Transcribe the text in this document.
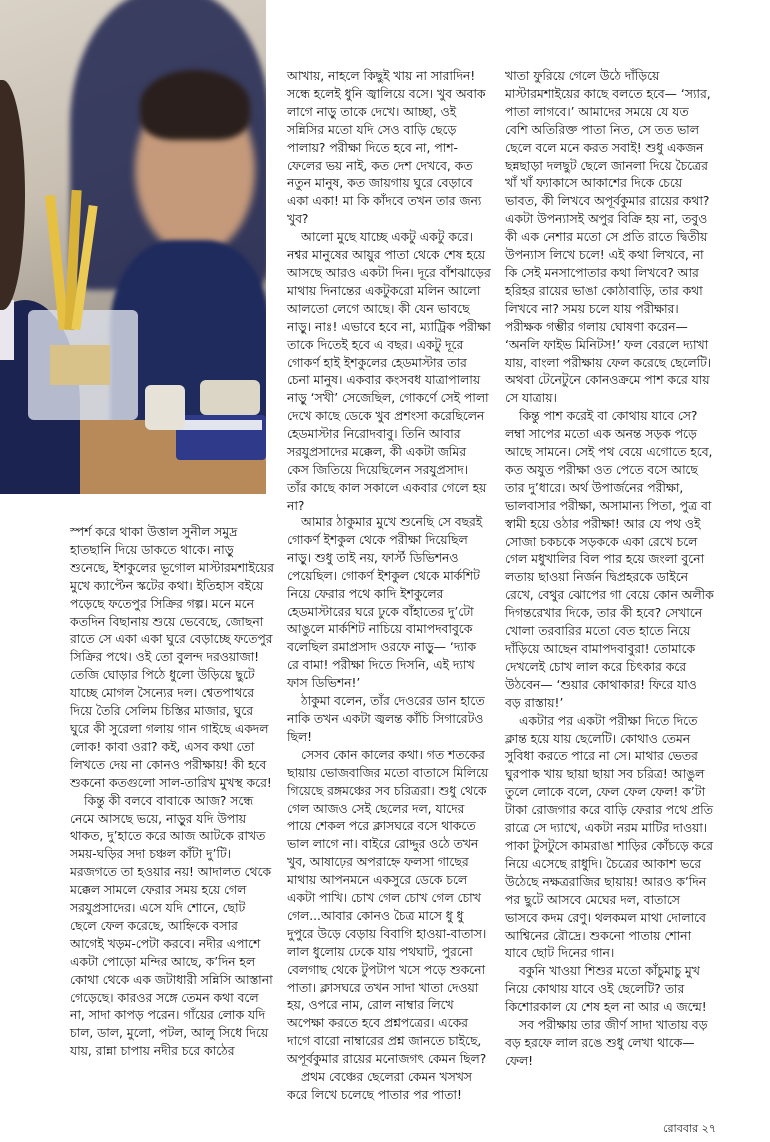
আখায়, নাহলে কিছুই খায় না সারাদিন! সন্ধে হলেই ধুনি জ্বালিয়ে বসে। খুব অবাক লাগে নাড়ু তাকে দেখে। আচ্ছা, ওই সন্নিসির মতো যদি সেও বাড়ি ছেড়ে পালায়? পরীক্ষা দিতে হবে না, পাশ-ফেলের ভয় নাই, কত দেশ দেখবে, কত নতুন মানুষ, কত জায়গায় ঘুরে বেড়াবে একা একা! মা কি কাঁদবে তখন তার জন্য খুব?

আলো মুছে যাচ্ছে একটু একটু করে। নশ্বর মানুষের আয়ুর পাতা থেকে শেষ হয়ে আসছে আরও একটা দিন। দূরে বাঁশঝাড়ের মাথায় দিনান্তের একটুকরো মলিন আলো আলতো লেগে আছে। কী যেন ভাবছে নাড়ু। নাঃ! এভাবে হবে না, ম্যাট্রিক পরীক্ষা তাকে দিতেই হবে এ বছর। একটু দূরে গোকর্ণ হাই ইশকুলের হেডমাস্টার তার চেনা মানুষ। একবার কংসবধ যাত্রাপালায় নাড়ু ‘সখী’ সেজেছিল, গোকর্ণে সেই পালা দেখে কাছে ডেকে খুব প্রশংসা করেছিলেন হেডমাস্টার নিরোদবাবু। তিনি আবার সরযুপ্রসাদের মক্কেল, কী একটা জমির কেস জিতিয়ে দিয়েছিলেন সরযুপ্রসাদ। তাঁর কাছে কাল সকালে একবার গেলে হয় না?

আমার ঠাকুমার মুখে শুনেছি সে বছরই গোকর্ণ ইশকুল থেকে পরীক্ষা দিয়েছিল নাড়ু। শুধু তাই নয়, ফার্স্ট ডিভিশনও পেয়েছিল। গোকর্ণ ইশকুল থেকে মার্কশিট নিয়ে ফেরার পথে কাদি ইশকুলের হেডমাস্টারের ঘরে ঢুকে বাঁহাতের দু’টো আঙুলে মার্কশিট নাচিয়ে বামাপদবাবুকে বলেছিল রমাপ্রসাদ ওরফে নাড়ু— ‘দ্যাক রে বামা! পরীক্ষা দিতে দিসনি, এই দ্যাখ ফাস ডিভিশন!’

ঠাকুমা বলেন, তাঁর দেওরের ডান হাতে নাকি তখন একটা জ্বলন্ত কাঁচি সিগারেটও ছিল!

সেসব কোন কালের কথা। গত শতকের ছায়ায় ভোজবাজির মতো বাতাসে মিলিয়ে গিয়েছে রঙ্গমঞ্চের সব চরিত্ররা। শুধু থেকে গেল আজও সেই ছেলের দল, যাদের পায়ে শেকল পরে ক্লাসঘরে বসে থাকতে ভাল লাগে না। বাইরে রোদ্দুর ওঠে তখন খুব, আষাঢ়ের অপরাহ্নে ফলসা গাছের মাথায় আপনমনে একসুরে ডেকে চলে একটা পাখি। চোখ গেল চোখ গেল চোখ গেল...আবার কোনও চৈত্র মাসে ধু ধু দুপুরে উড়ে বেড়ায় বিবাগি হাওয়া-বাতাস। লাল ধুলোয় ঢেকে যায় পথঘাট, পুরনো বেলগাছ থেকে টুপটাপ খসে পড়ে শুকনো পাতা। ক্লাসঘরে তখন সাদা খাতা দেওয়া হয়, ওপরে নাম, রোল নাম্বার লিখে অপেক্ষা করতে হবে প্রশ্নপত্রের। একের দাগে বারো নাম্বারের প্রশ্ন জানতে চাইছে, অপূর্বকুমার রায়ের মনোজগৎ কেমন ছিল?

প্রথম বেঞ্চের ছেলেরা কেমন খসখস করে লিখে চলেছে পাতার পর পাতা!

স্পর্শ করে থাকা উত্তাল সুনীল সমুদ্র হাতছানি দিয়ে ডাকতে থাকে। নাড়ু শুনেছে, ইশকুলের ভূগোল মাস্টারমশাইয়ের মুখে ক্যাপ্টেন স্কটের কথা। ইতিহাস বইয়ে পড়েছে ফতেপুর সিক্রির গল্প। মনে মনে কতদিন বিছানায় শুয়ে ভেবেছে, জোছনা রাতে সে একা একা ঘুরে বেড়াচ্ছে ফতেপুর সিক্রির পথে। ওই তো বুলন্দ দরওয়াজা! তেজি ঘোড়ার পিঠে ধুলো উড়িয়ে ছুটে যাচ্ছে মোগল সৈন্যের দল। শ্বেতপাথরে দিয়ে তৈরি সেলিম চিস্তির মাজার, ঘুরে ঘুরে কী সুরেলা গলায় গান গাইছে একদল লোক! কাবা ওরা? কই, এসব কথা তো লিখতে দেয় না কোনও পরীক্ষায়! কী হবে শুকনো কতগুলো সাল-তারিখ মুখস্থ করে!

কিন্তু কী বলবে বাবাকে আজ? সন্ধে নেমে আসছে ভয়ে, নাড়ুর যদি উপায় থাকত, দু’হাতে করে আজ আটকে রাখত সময়-ঘড়ির সদা চঞ্চল কাঁটা দু’টি। মরজগতে তা হওয়ার নয়! আদালত থেকে মক্কেল সামলে ফেরার সময় হয়ে গেল সরযুপ্রসাদের। এসে যদি শোনে, ছোট ছেলে ফেল করেছে, আহ্নিকে বসার আগেই খড়ম-পেটা করবে। নদীর এপাশে একটা পোড়ো মন্দির আছে, ক’দিন হল কোথা থেকে এক জটাধারী সন্নিসি আস্তানা গেড়েছে। কারওর সঙ্গে তেমন কথা বলে না, সাদা কাপড় পরেন। গাঁয়ের লোক যদি চাল, ডাল, মুলো, পটল, আলু সিধে দিয়ে যায়, রান্না চাপায় নদীর চরে কাঠের

খাতা ফুরিয়ে গেলে উঠে দাঁড়িয়ে মাস্টারমশাইয়ের কাছে বলতে হবে— ‘স্যার, পাতা লাগবে।’ আমাদের সময়ে যে যত বেশি অতিরিক্ত পাতা নিত, সে তত ভাল ছেলে বলে মনে করত সবাই! শুধু একজন ছন্নছাড়া দলছুট ছেলে জানলা দিয়ে চৈত্রের খাঁ খাঁ ফ্যাকাসে আকাশের দিকে চেয়ে ভাবত, কী লিখবে অপূর্বকুমার রায়ের কথা? একটা উপন্যাসই অপুর বিক্রি হয় না, তবুও কী এক নেশার মতো সে প্রতি রাতে দ্বিতীয় উপন্যাস লিখে চলে! এই কথা লিখবে, না কি সেই মনসাপোতার কথা লিখবে? আর হরিহর রায়ের ভাঙা কোঠাবাড়ি, তার কথা লিখবে না? সময় চলে যায় পরীক্ষার। পরীক্ষক গম্ভীর গলায় ঘোষণা করেন— ‘অনলি ফাইভ মিনিটস!’ ফল বেরলে দ্যাখা যায়, বাংলা পরীক্ষায় ফেল করেছে ছেলেটি। অথবা টেনেটুনে কোনওক্রমে পাশ করে যায় সে যাত্রায়।

কিন্তু পাশ করেই বা কোথায় যাবে সে? লম্বা সাপের মতো এক অনন্ত সড়ক পড়ে আছে সামনে। সেই পথ বেয়ে এগোতে হবে, কত অযুত পরীক্ষা ওত পেতে বসে আছে তার দু’ধারে। অর্থ উপার্জনের পরীক্ষা, ভালবাসার পরীক্ষা, অসামান্য পিতা, পুত্র বা স্বামী হয়ে ওঠার পরীক্ষা! আর যে পথ ওই সোজা চকচকে সড়ককে একা রেখে চলে গেল মধুখালির বিল পার হয়ে জংলা বুনো লতায় ছাওয়া নির্জন দ্বিপ্রহরকে ডাইনে রেখে, বেথুর ঝোপের গা বেয়ে কোন অলীক দিগন্তরেখার দিকে, তার কী হবে? সেখানে খোলা তরবারির মতো বেত হাতে নিয়ে দাঁড়িয়ে আছেন বামাপদবাবুরা! তোমাকে দেখলেই চোখ লাল করে চিৎকার করে উঠবেন— ‘শুয়ার কোথাকার! ফিরে যাও বড় রাস্তায়!’

একটার পর একটা পরীক্ষা দিতে দিতে ক্লান্ত হয়ে যায় ছেলেটি। কোথাও তেমন সুবিধা করতে পারে না সে। মাথার ভেতর ঘুরপাক খায় ছায়া ছায়া সব চরিত্র! আঙুল তুলে লোকে বলে, ফেল ফেল ফেল! ক’টা টাকা রোজগার করে বাড়ি ফেরার পথে প্রতি রাত্রে সে দ্যাখে, একটা নরম মাটির দাওয়া। পাকা টুসটুসে কামরাঙা শাড়ির কোঁচড়ে করে নিয়ে এসেছে রাধুদি। চৈত্রের আকাশ ভরে উঠেছে নক্ষত্ররাজির ছায়ায়! আরও ক’দিন পর ছুটে আসবে মেঘের দল, বাতাসে ভাসবে কদম রেণু। থলকমল মাথা দোলাবে আশ্বিনের রৌদ্রে। শুকনো পাতায় শোনা যাবে ছোট দিনের গান।

বকুনি খাওয়া শিশুর মতো কাঁচুমাচু মুখ নিয়ে কোথায় যাবে ওই ছেলেটি? তার কিশোরকাল যে শেষ হল না আর এ জন্মে!

সব পরীক্ষায় তার জীর্ণ সাদা খাতায় বড় বড় হরফে লাল রঙে শুধু লেখা থাকে— ফেল!

রোববার ২৭
